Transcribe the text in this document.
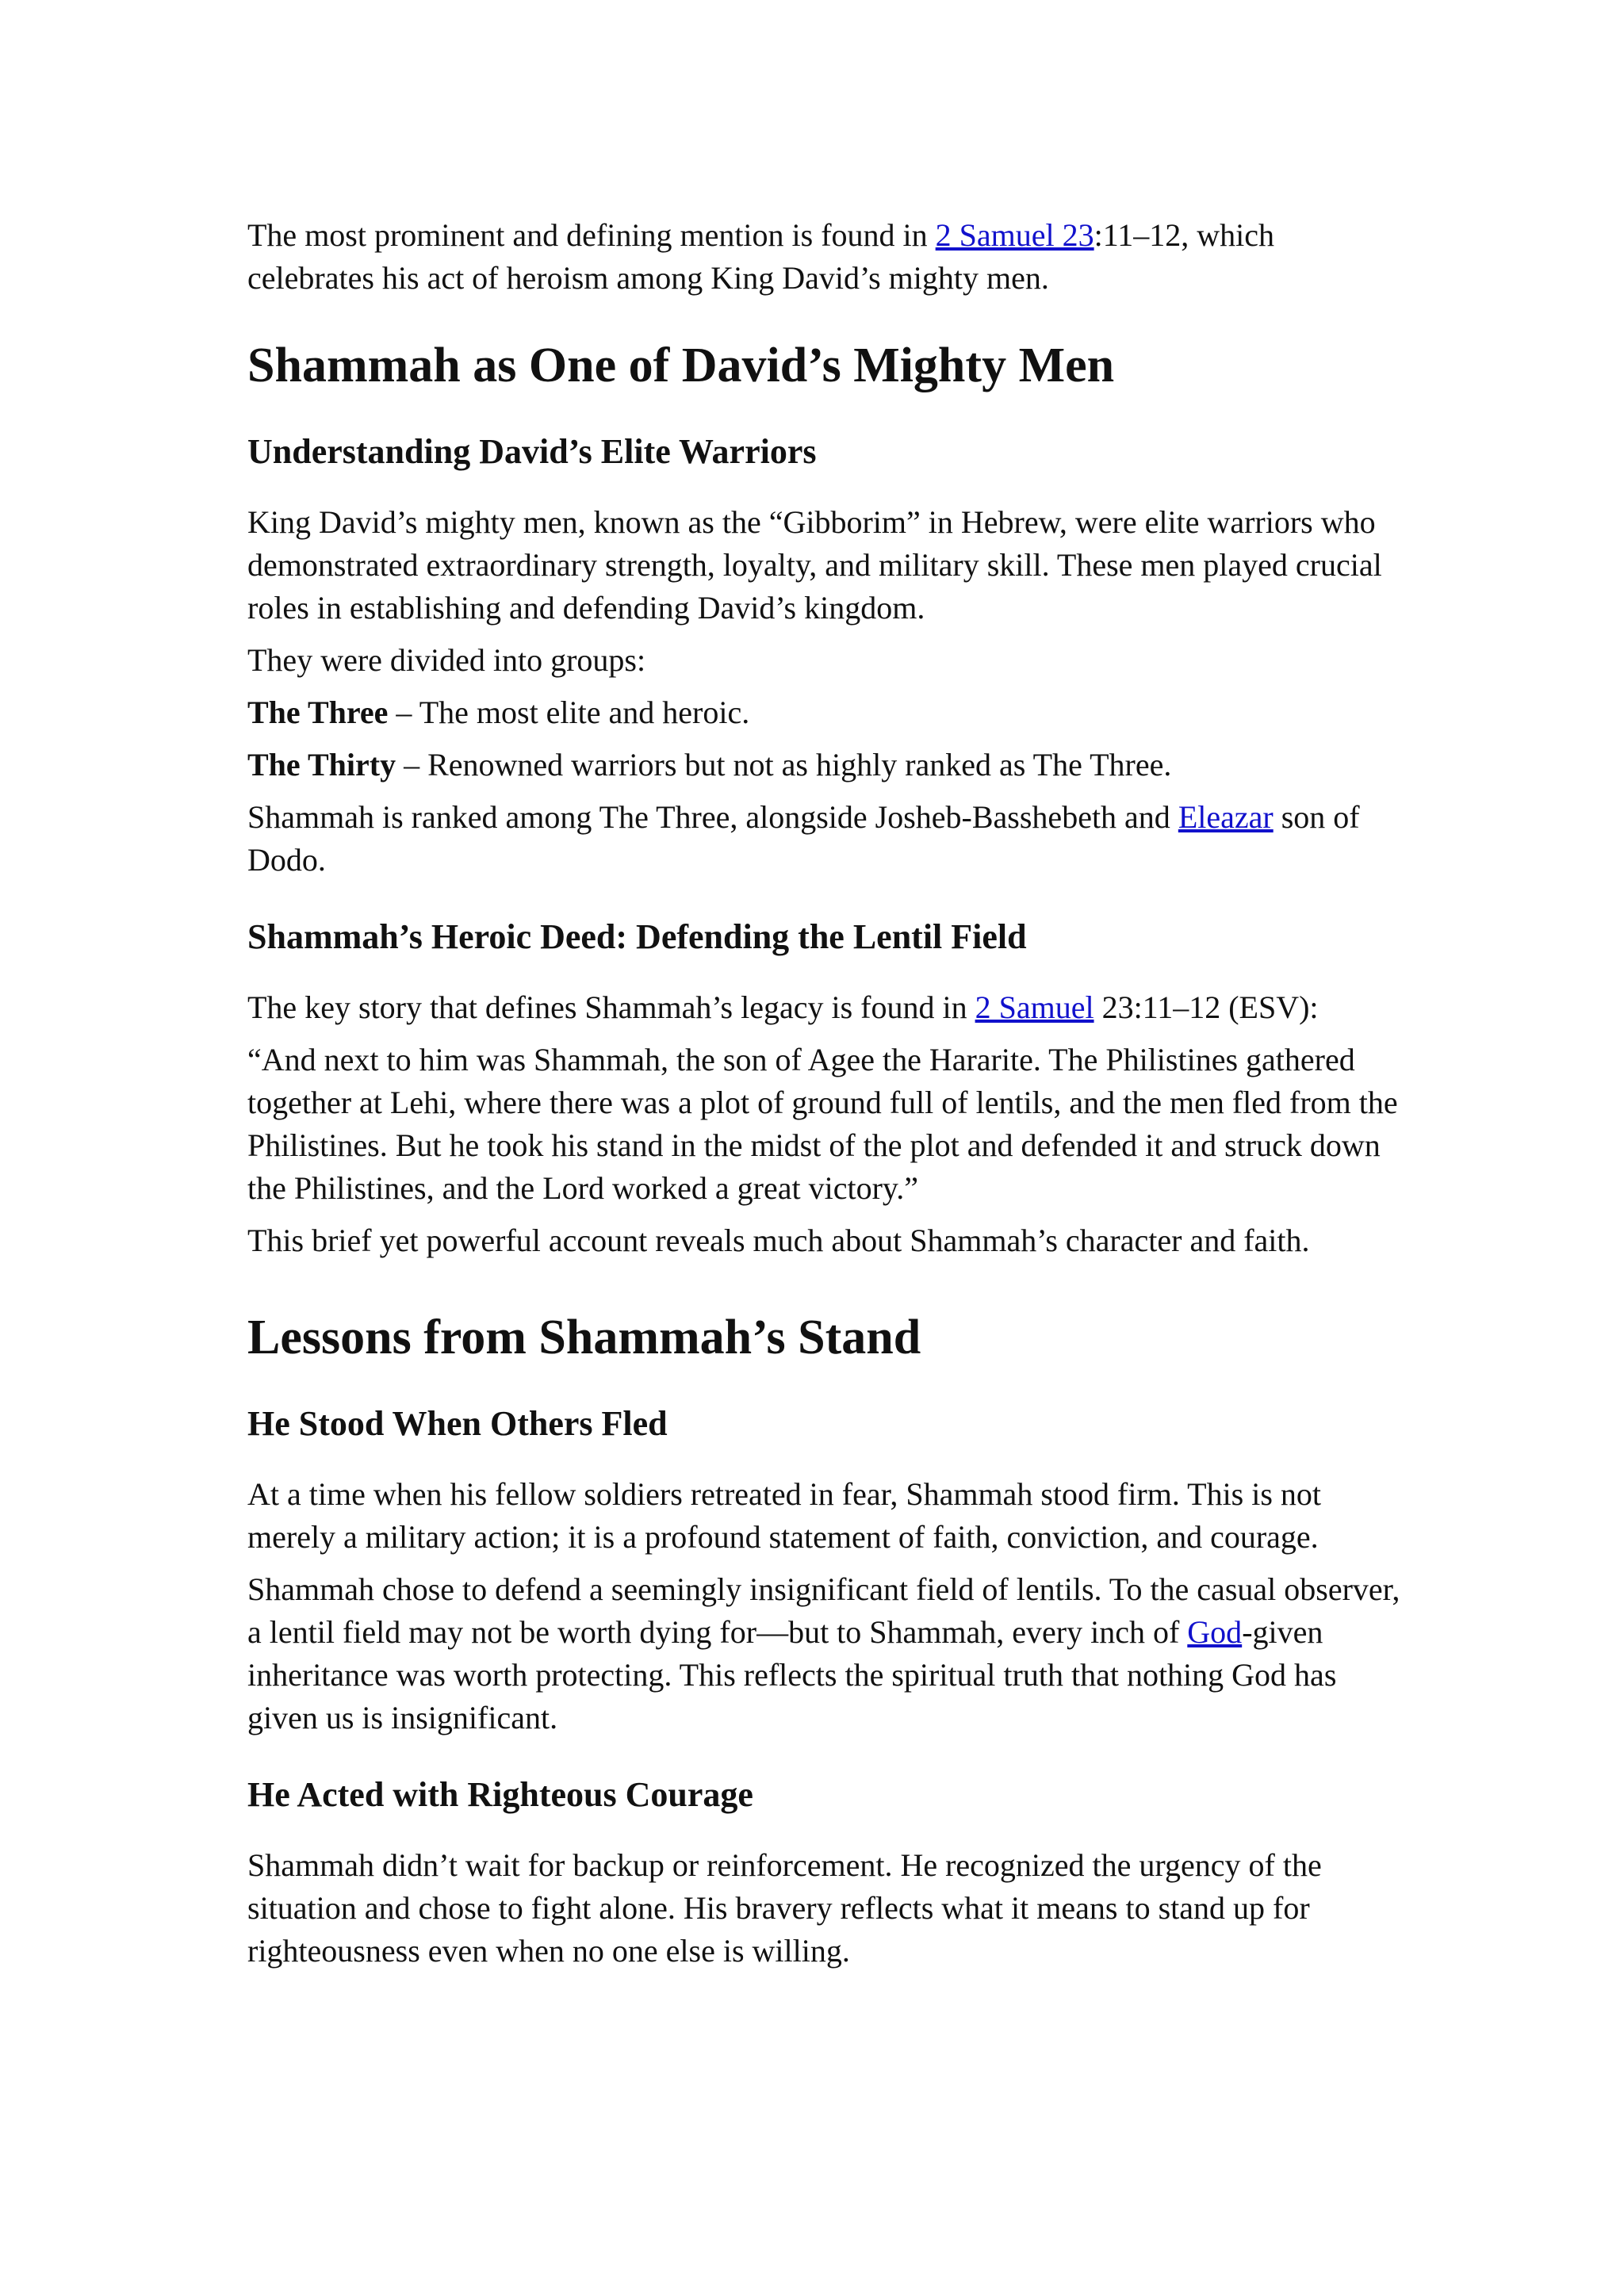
The most prominent and defining mention is found in 2 Samuel 23:11–12, which celebrates his act of heroism among King David’s mighty men.

Shammah as One of David’s Mighty Men
Understanding David’s Elite Warriors

King David’s mighty men, known as the “Gibborim” in Hebrew, were elite warriors who demonstrated extraordinary strength, loyalty, and military skill. These men played crucial roles in establishing and defending David’s kingdom.

They were divided into groups:

The Three – The most elite and heroic.

The Thirty – Renowned warriors but not as highly ranked as The Three.

Shammah is ranked among The Three, alongside Josheb-Basshebeth and Eleazar son of Dodo.

Shammah’s Heroic Deed: Defending the Lentil Field

The key story that defines Shammah’s legacy is found in 2 Samuel 23:11–12 (ESV):

“And next to him was Shammah, the son of Agee the Hararite. The Philistines gathered together at Lehi, where there was a plot of ground full of lentils, and the men fled from the Philistines. But he took his stand in the midst of the plot and defended it and struck down the Philistines, and the Lord worked a great victory.”

This brief yet powerful account reveals much about Shammah’s character and faith.

Lessons from Shammah’s Stand
He Stood When Others Fled

At a time when his fellow soldiers retreated in fear, Shammah stood firm. This is not merely a military action; it is a profound statement of faith, conviction, and courage.

Shammah chose to defend a seemingly insignificant field of lentils. To the casual observer, a lentil field may not be worth dying for—but to Shammah, every inch of God-given inheritance was worth protecting. This reflects the spiritual truth that nothing God has given us is insignificant.

He Acted with Righteous Courage

Shammah didn’t wait for backup or reinforcement. He recognized the urgency of the situation and chose to fight alone. His bravery reflects what it means to stand up for righteousness even when no one else is willing.
